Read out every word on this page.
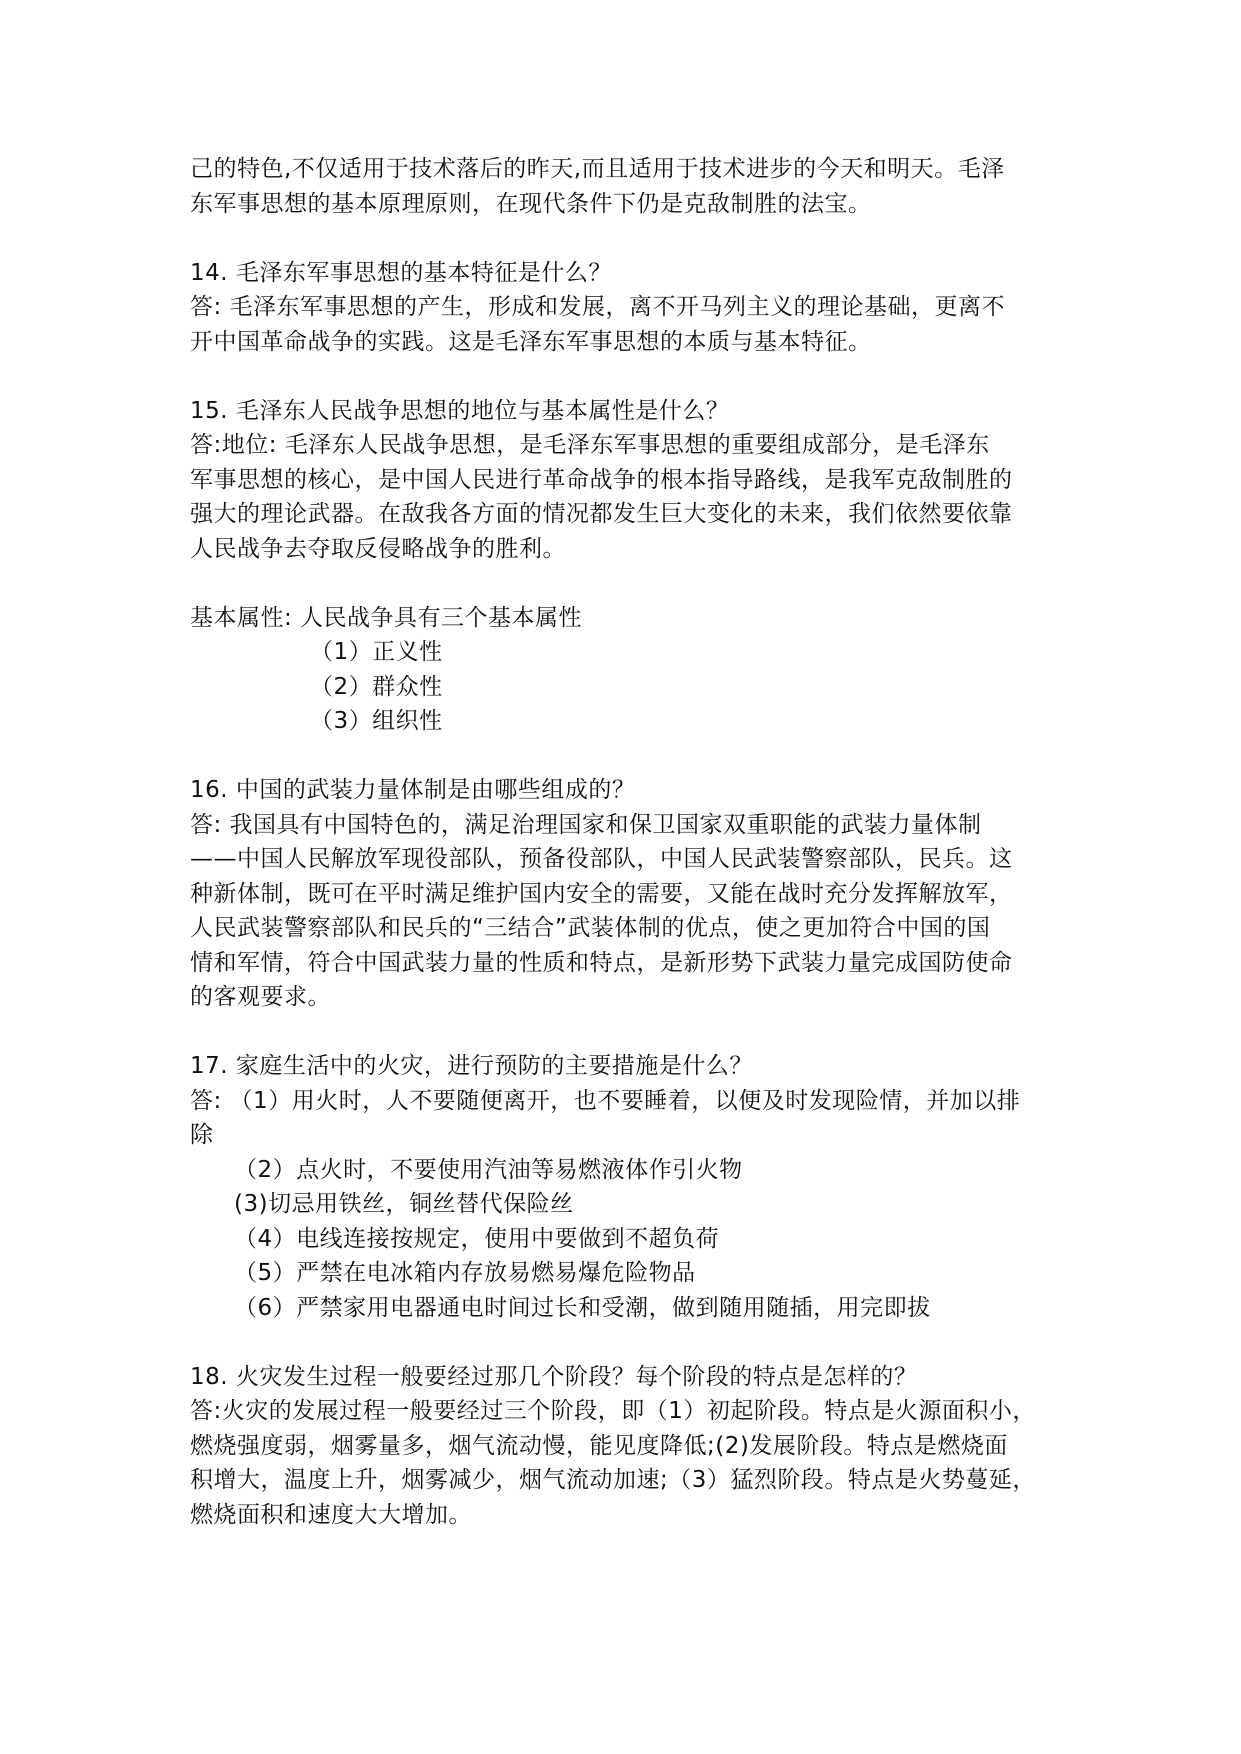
己的特色,不仅适用于技术落后的昨天,而且适用于技术进步的今天和明天。毛泽
东军事思想的基本原理原则，在现代条件下仍是克敌制胜的法宝。
14. 毛泽东军事思想的基本特征是什么？
答: 毛泽东军事思想的产生，形成和发展，离不开马列主义的理论基础，更离不
开中国革命战争的实践。这是毛泽东军事思想的本质与基本特征。
15. 毛泽东人民战争思想的地位与基本属性是什么？
答:地位: 毛泽东人民战争思想，是毛泽东军事思想的重要组成部分，是毛泽东
军事思想的核心，是中国人民进行革命战争的根本指导路线，是我军克敌制胜的
强大的理论武器。在敌我各方面的情况都发生巨大变化的未来，我们依然要依靠
人民战争去夺取反侵略战争的胜利。
基本属性: 人民战争具有三个基本属性
（1）正义性
（2）群众性
（3）组织性
16. 中国的武装力量体制是由哪些组成的？
答: 我国具有中国特色的，满足治理国家和保卫国家双重职能的武装力量体制
——中国人民解放军现役部队，预备役部队，中国人民武装警察部队，民兵。这
种新体制，既可在平时满足维护国内安全的需要，又能在战时充分发挥解放军，
人民武装警察部队和民兵的“三结合”武装体制的优点，使之更加符合中国的国
情和军情，符合中国武装力量的性质和特点，是新形势下武装力量完成国防使命
的客观要求。
17. 家庭生活中的火灾，进行预防的主要措施是什么？
答: （1）用火时，人不要随便离开，也不要睡着，以便及时发现险情，并加以排
除
（2）点火时，不要使用汽油等易燃液体作引火物
(3)切忌用铁丝，铜丝替代保险丝
（4）电线连接按规定，使用中要做到不超负荷
（5）严禁在电冰箱内存放易燃易爆危险物品
（6）严禁家用电器通电时间过长和受潮，做到随用随插，用完即拔
18. 火灾发生过程一般要经过那几个阶段？每个阶段的特点是怎样的？
答:火灾的发展过程一般要经过三个阶段，即（1）初起阶段。特点是火源面积小，
燃烧强度弱，烟雾量多，烟气流动慢，能见度降低;(2)发展阶段。特点是燃烧面
积增大，温度上升，烟雾减少，烟气流动加速;（3）猛烈阶段。特点是火势蔓延，
燃烧面积和速度大大增加。
